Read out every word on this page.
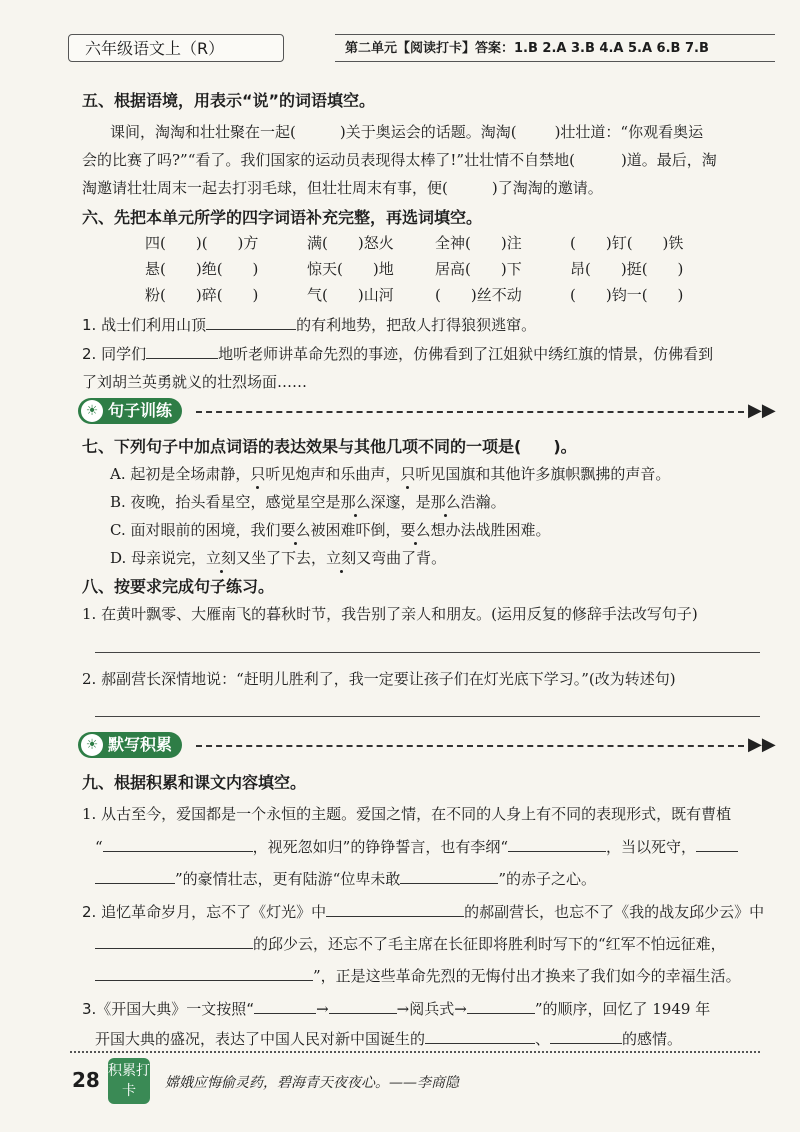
六年级语文上（R）	第二单元【阅读打卡】答案：1.B 2.A 3.B 4.A 5.A 6.B 7.B
五、根据语境，用表示“说”的词语填空。
课间，淘淘和壮壮聚在一起(	)关于奥运会的话题。淘淘(	)壮壮道：“你观看奥运
会的比赛了吗?”“看了。我们国家的运动员表现得太棒了!”壮壮情不自禁地(	)道。最后，淘
淘邀请壮壮周末一起去打羽毛球，但壮壮周末有事，便(	)了淘淘的邀请。
六、先把本单元所学的四字词语补充完整，再选词填空。
四(　　)(　　)方	满(　　)怒火	全神(　　)注	(　　)钉(　　)铁
悬(　　)绝(　　)	惊天(　　)地	居高(　　)下	昂(　　)挺(　　)
粉(　　)碎(　　)	气(　　)山河	(　　)丝不动	(　　)钧一(　　)
1. 战士们利用山顶	的有利地势，把敌人打得狼狈逃窜。
2. 同学们	地听老师讲革命先烈的事迹，仿佛看到了江姐狱中绣红旗的情景，仿佛看到
了刘胡兰英勇就义的壮烈场面……
☀ 句子训练	▶▶
七、下列句子中加点词语的表达效果与其他几项不同的一项是(　　)。
A. 起初是全场肃静，只听见炮声和乐曲声，只听见国旗和其他许多旗帜飘拂的声音。
B. 夜晚，抬头看星空，感觉星空是那么深邃，是那么浩瀚。
C. 面对眼前的困境，我们要么被困难吓倒，要么想办法战胜困难。
D. 母亲说完，立刻又坐了下去，立刻又弯曲了背。
八、按要求完成句子练习。
1. 在黄叶飘零、大雁南飞的暮秋时节，我告别了亲人和朋友。(运用反复的修辞手法改写句子)
2. 郝副营长深情地说：“赶明儿胜利了，我一定要让孩子们在灯光底下学习。”(改为转述句)
☀ 默写积累	▶▶
九、根据积累和课文内容填空。
1. 从古至今，爱国都是一个永恒的主题。爱国之情，在不同的人身上有不同的表现形式，既有曹植
“	，视死忽如归”的铮铮誓言，也有李纲“	，当以死守，
”的豪情壮志，更有陆游“位卑未敢	”的赤子之心。
2. 追忆革命岁月，忘不了《灯光》中	的郝副营长，也忘不了《我的战友邱少云》中
的邱少云，还忘不了毛主席在长征即将胜利时写下的“红军不怕远征难，
”，正是这些革命先烈的无悔付出才换来了我们如今的幸福生活。
3.《开国大典》一文按照“	→	→阅兵式→	”的顺序，回忆了 1949 年
开国大典的盛况，表达了中国人民对新中国诞生的	、	的感情。
28 积累打卡	嫦娥应悔偷灵药，碧海青天夜夜心。——李商隐
